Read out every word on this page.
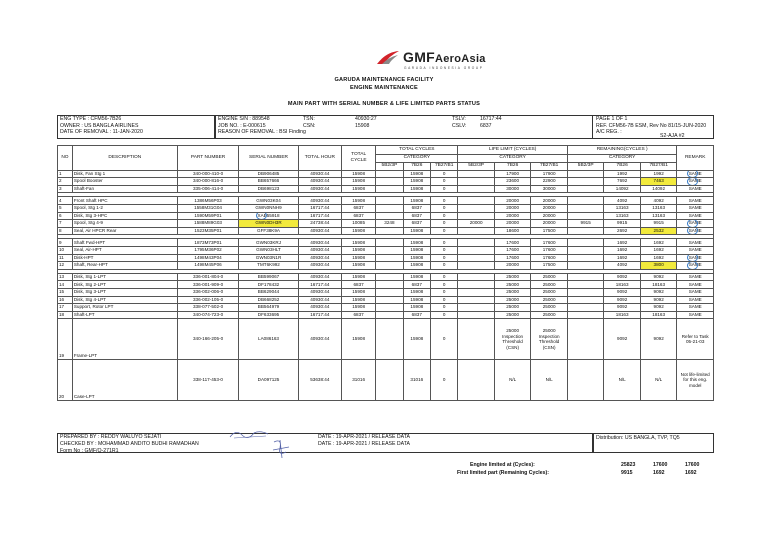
GMFAeroAsia
GARUDA INDONESIA GROUP
GARUDA MAINTENANCE FACILITY
ENGINE MAINTENANCE
MAIN PART WITH SERIAL NUMBER & LIFE LIMITED PARTS STATUS
ENG TYPE : CFM56-7B26
OWNER : US BANGLA AIRLINES
DATE OF REMOVAL : 11-JAN-2020
ENGINE S/N : 889548
JOB NO. : E-000615
REASON OF REMOVAL : BSI Finding
TSN:
CSN:
40930:27
15908
TSLV:
CSLV:
16717:44
6837
PAGE 1 OF 1
REF. CFM56-7B ESM, Rev No 81/15-JUN-2020
A/C REG. :
S2-AJA #2
NO	DESCRIPTION	PART NUMBER	SERIAL NUMBER	TOTAL HOUR	TOTAL CYCLE	TOTAL CYCLES			LIFE LIMIT (CYCLES)			REMAINING(CYCLES )			REMARK
						CATEGORY			CATEGORY			CATEGORY			
						5B2/3P	7B26	7B27/B1	5B2/3P	7B26	7B27/B1	5B2/3P	7B26	7B27/B1	
1	Disk, Fan Stg 1	340-000-410-0	DB906485	40930:44	15908		15908	0		17900	17900		1992	1992	SAME
2	Spool Booster	340-000-816-0	BB657666	40930:44	15908		15908	0		23600	22900		7692	7463	SAME
3	Shaft-Fan	335-006-414-0	DB698123	40930:44	15908		15908	0		30000	30000		14092	14092	SAME

4	Front Shaft HPC	1386M56P03	GWN03K04	40930:44	15908		15908	0		20000	20000		4092	4092	SAME
5	Spool, Stg 1-2	1558M31G04	GWN0NNH9	16717:44	6837		6837	0		20000	20000		13163	13163	SAME
6	Disk, Stg 3-HPC	1590M59P01	XAE55918	16717:44	6837		6837	0		20000	20000		13163	13163	SAME
7	Spool, Stg 4-9	1588M89G03	GWN0DH3R	24738:44	10085	3248	6837	0	20000	20000	20000	9915	9915	9915	SAME
8	Seal, Air HPCR Rear	1523M35P01	GFF38K9A	40930:44	15908		15908	0		18600	17500		2692	2532	SAME

9	Shaft Fwd-HPT	1873M73P01	GWN03KRJ	40930:44	15908		15908	0		17600	17600		1692	1692	SAME
10	Seal, Air-HPT	1795M36P02	GWN03HLT	40930:44	15908		15908	0		17600	17600		1692	1692	SAME
11	Disk-HPT	1498M43P04	GWN03N1R	40930:44	15908		15908	0		17600	17600		1692	1692	SAME
12	Shaft, Rear-HPT	1498M45P06	TMT6K992	40930:44	15908		15908	0		20000	17500		4092	3800	SAME

13	Disk, Stg 1-LPT	336-001-804-0	BB599067	40930:44	15908		15908	0		25000	25000		9092	9092	SAME
14	Disk, Stg 2-LPT	336-001-909-0	DF178432	16717:44	6837		6837	0		25000	25000		18163	18163	SAME
15	Disk, Stg 3-LPT	336-002-006-0	BB629044	40930:44	15908		15908	0		25000	25000		9092	9092	SAME
16	Disk, Stg 4-LPT	336-002-105-0	DB668252	40930:44	15908		15908	0		25000	25000		9092	9092	SAME
17	Support, Rotor LPT	338-077-502-0	BB564979	40930:44	15908		15908	0		25000	25000		9092	9092	SAME
18	Shaft-LPT	340-074-723-0	DF633695	16717:44	6837		6837	0		25000	25000		18163	18163	SAME
19	Frame-LPT	340-166-205-0	LA086163	40930:44	15908		15908	0		25000 Inspection Threshold (CSN)	25000 Inspection Threshold (CSN)		9092	9092	Refer to Task 05-21-03
20	Case-LPT	338-117-453-0	DA097125	53638:44	31016		31016	0		N/L	N/L		N/L	N/L	Not life-limited for this eng. model
PREPARED BY : REDDY WALUYO SEJATI
CHECKED BY : MOHAMMAD ANDITO BUDHI RAMADHAN
Form No : GMF/Q-271R1
DATE : 19-APR-2021 / RELEASE DATA
DATE : 19-APR-2021 / RELEASE DATA
Distribution: US BANGLA, TVP, TQ5
Engine limited at (Cycles):
First limited part (Remaining Cycles):
25823	17600	17600
9915	1692	1692
